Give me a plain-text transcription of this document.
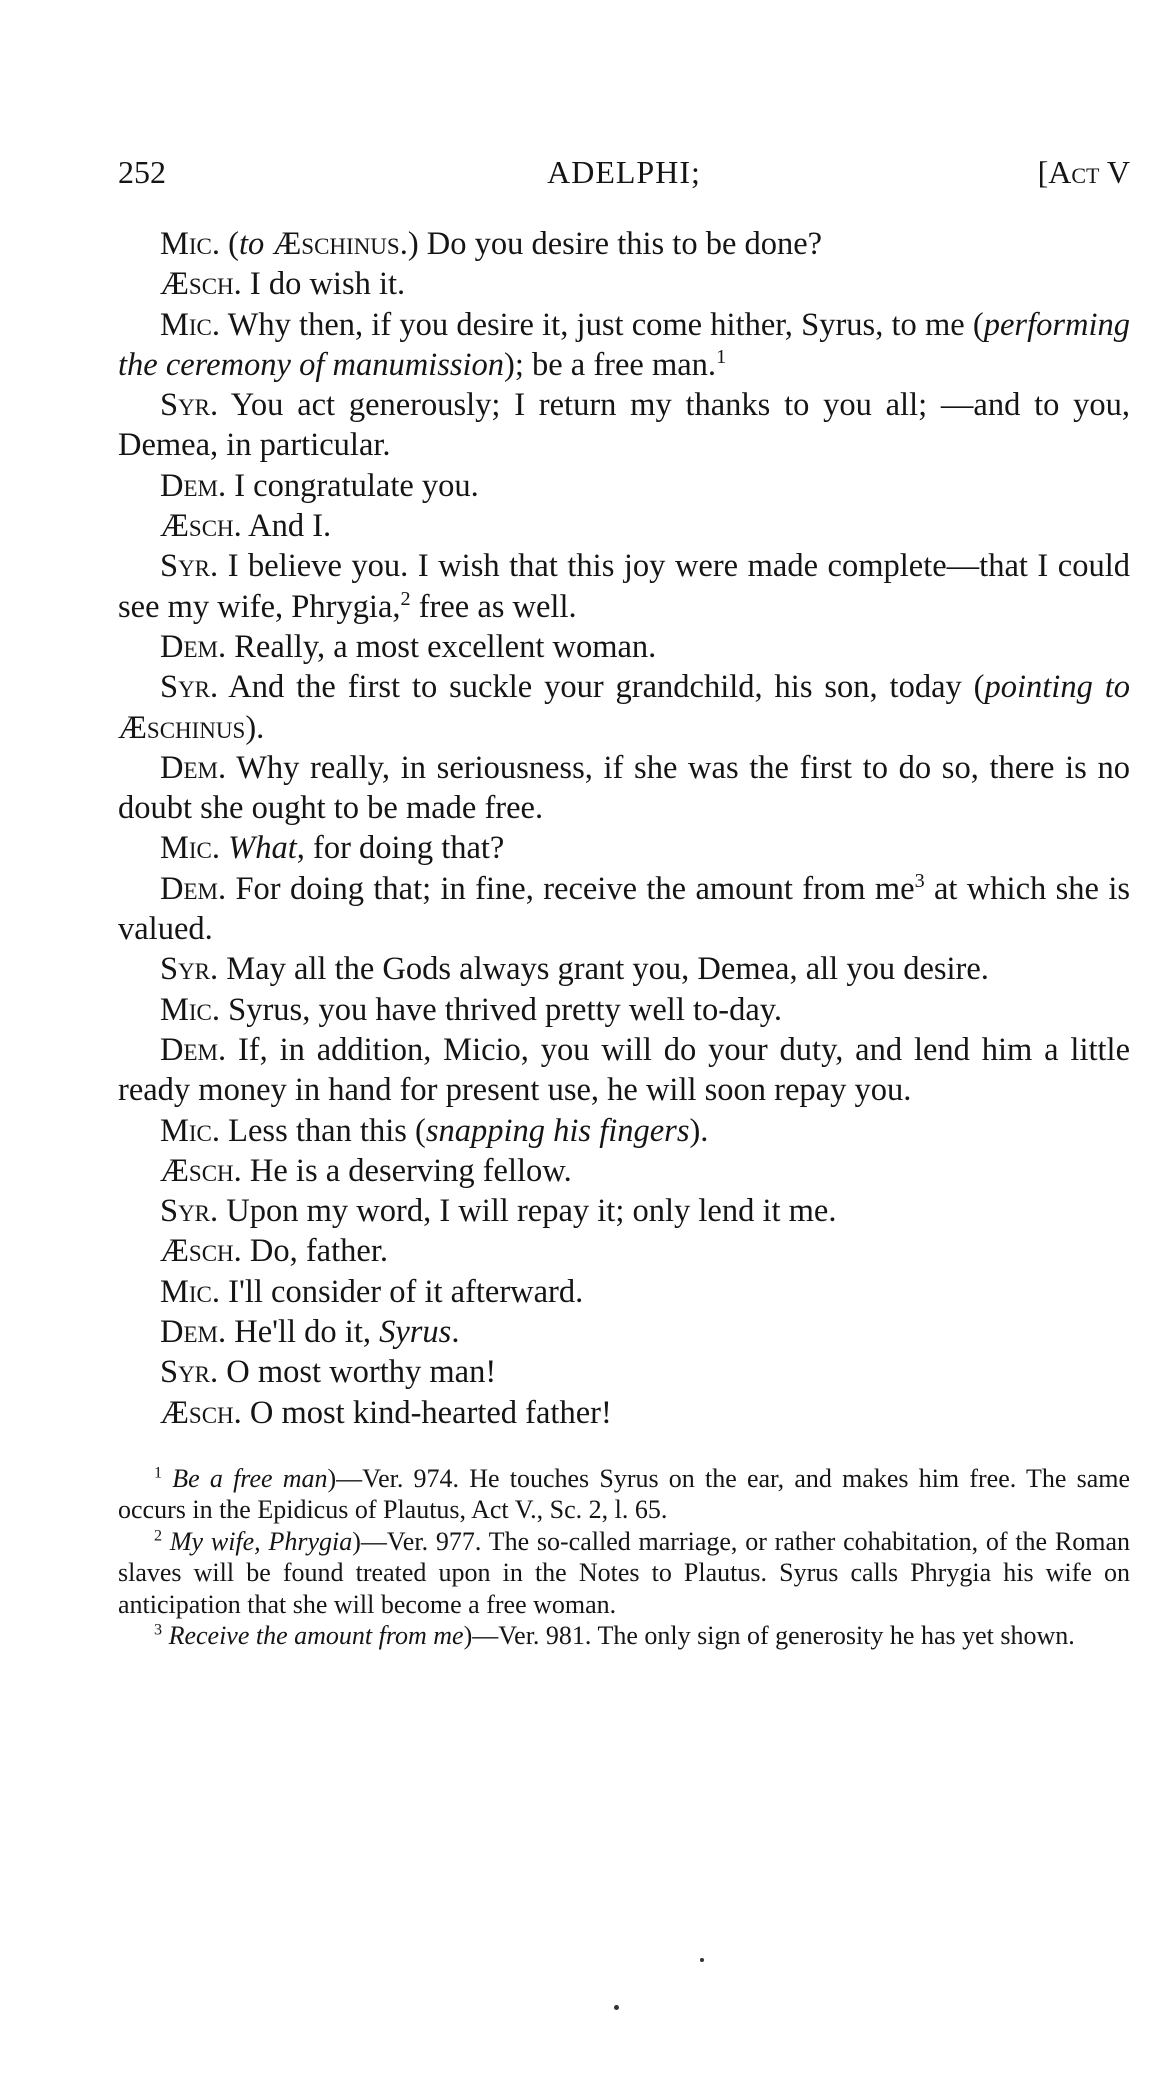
252	ADELPHI;	[Act V

Mic. (to Æschinus.) Do you desire this to be done?

Æsch. I do wish it.

Mic. Why then, if you desire it, just come hither, Syrus, to me (performing the ceremony of manumission); be a free man.$^1$

Syr. You act generously; I return my thanks to you all; —and to you, Demea, in particular.

Dem. I congratulate you.

Æsch. And I.

Syr. I believe you. I wish that this joy were made complete—that I could see my wife, Phrygia,$^2$ free as well.

Dem. Really, a most excellent woman.

Syr. And the first to suckle your grandchild, his son, today (pointing to Æschinus).

Dem. Why really, in seriousness, if she was the first to do so, there is no doubt she ought to be made free.

Mic. What, for doing that?

Dem. For doing that; in fine, receive the amount from $me^3$ at which she is valued.

Syr. May all the Gods always grant you, Demea, all you desire.

Mic. Syrus, you have thrived pretty well to-day.

Dem. If, in addition, Micio, you will do your duty, and lend him a little ready money in hand for present use, he will soon repay you.

Mic. Less than this (snapping his fingers).

Æsch. He is a deserving fellow.

Syr. Upon my word, I will repay it; only lend it me.

Æsch. Do, father.

Mic. I'll consider of it afterward.

Dem. He'll do it, Syrus.

Syr. O most worthy man!

Æsch. O most kind-hearted father!

$^1$ Be a free man)—Ver. 974. He touches Syrus on the ear, and makes him free. The same occurs in the Epidicus of Plautus, Act V., Sc. 2, l. 65.

$^2$ My wife, Phrygia)—Ver. 977. The so-called marriage, or rather cohabitation, of the Roman slaves will be found treated upon in the Notes to Plautus. Syrus calls Phrygia his wife on anticipation that she will become a free woman.

$^3$ Receive the amount from me)—Ver. 981. The only sign of generosity he has yet shown.
